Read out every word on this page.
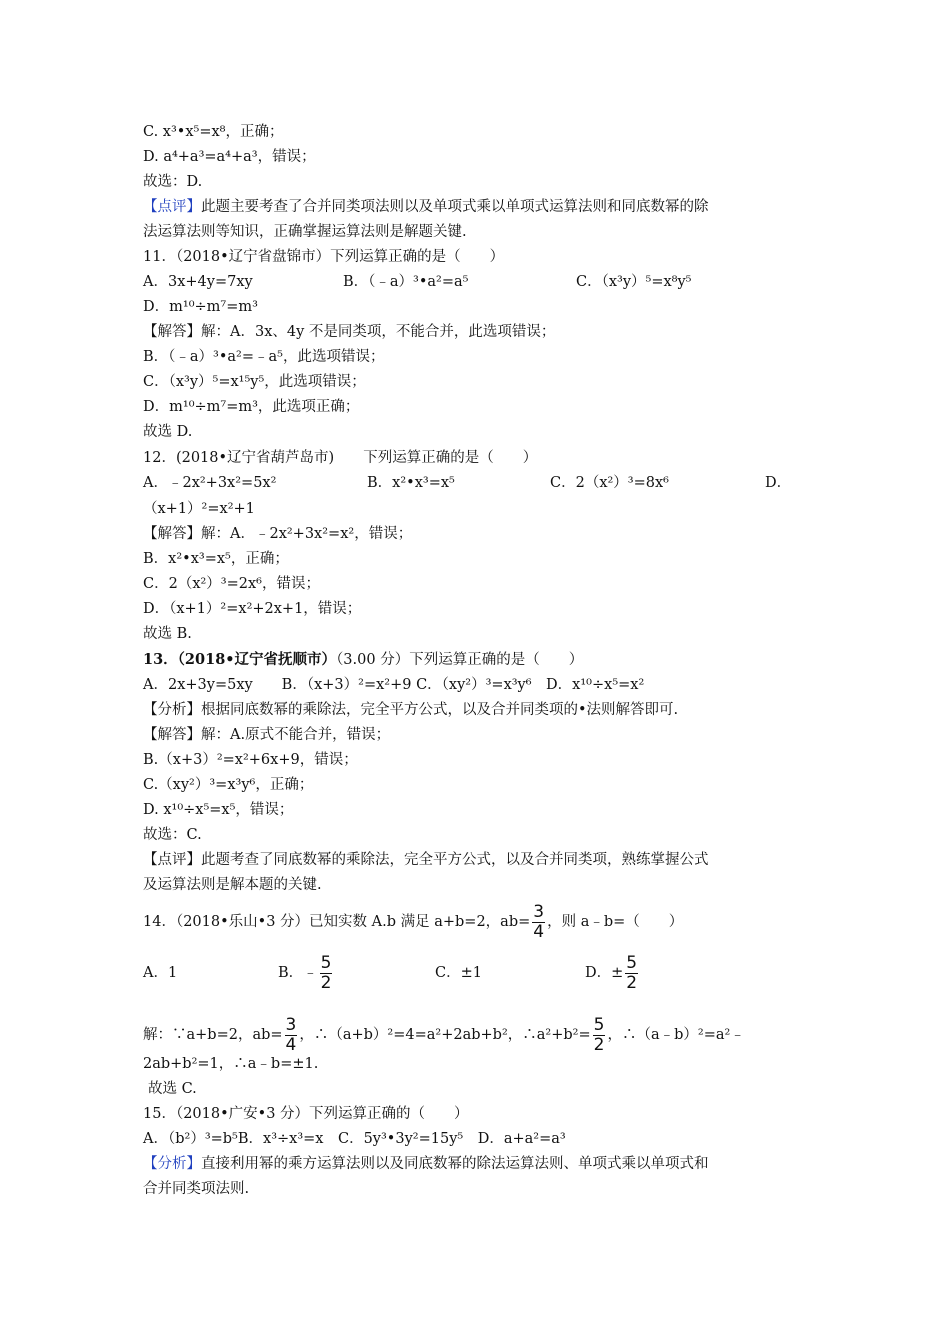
C. x³•x⁵=x⁸，正确；
D. a⁴+a³=a⁴+a³，错误；
故选：D.
【点评】此题主要考查了合并同类项法则以及单项式乘以单项式运算法则和同底数幂的除
法运算法则等知识，正确掌握运算法则是解题关键.
11．（2018•辽宁省盘锦市）下列运算正确的是（　　）
A．3x+4y=7xy	B．（﹣a）³•a²=a⁵	C．（x³y）⁵=x⁸y⁵
D．m¹⁰÷m⁷=m³
【解答】解：A．3x、4y 不是同类项，不能合并，此选项错误；
B．（﹣a）³•a²=﹣a⁵，此选项错误；
C．（x³y）⁵=x¹⁵y⁵，此选项错误；
D．m¹⁰÷m⁷=m³，此选项正确；
故选 D.
12．(2018•辽宁省葫芦岛市)　　下列运算正确的是（　　）
A．﹣2x²+3x²=5x²	B．x²•x³=x⁵	C．2（x²）³=8x⁶	D．
（x+1）²=x²+1
【解答】解：A．﹣2x²+3x²=x²，错误；
B．x²•x³=x⁵，正确；
C．2（x²）³=2x⁶，错误；
D．（x+1）²=x²+2x+1，错误；
故选 B.
13．（2018•辽宁省抚顺市）（3.00 分）下列运算正确的是（　　）
A．2x+3y=5xy　　B．（x+3）²=x²+9 C．（xy²）³=x³y⁶　D．x¹⁰÷x⁵=x²
【分析】根据同底数幂的乘除法，完全平方公式，以及合并同类项的•法则解答即可.
【解答】解：A.原式不能合并，错误；
B.（x+3）²=x²+6x+9，错误；
C.（xy²）³=x³y⁶，正确；
D. x¹⁰÷x⁵=x⁵，错误；
故选：C.
【点评】此题考查了同底数幂的乘除法，完全平方公式，以及合并同类项，熟练掌握公式
及运算法则是解本题的关键.
14．（2018•乐山•3 分）已知实数 A.b 满足 a+b=2，$ab= \frac{3}{4}$ ，则 a﹣b=（　　）
A．1	B．﹣ $\frac{5}{2}$	C．±1	D．± $\frac{5}{2}$
解：∵a+b=2，$ab= \frac{3}{4}$ ，∴（a+b）²=4=a²+2ab+b²，∴a²+b²= $\frac{5}{2}$ ，∴（a﹣b）²=a²﹣
2ab+b²=1，∴a﹣b=±1.
故选 C.
15．（2018•广安•3 分）下列运算正确的（　　）
A．（b²）³=b⁵B．x³÷x³=x　C．5y³•3y²=15y⁵　D．a+a²=a³
【分析】直接利用幂的乘方运算法则以及同底数幂的除法运算法则、单项式乘以单项式和
合并同类项法则.
